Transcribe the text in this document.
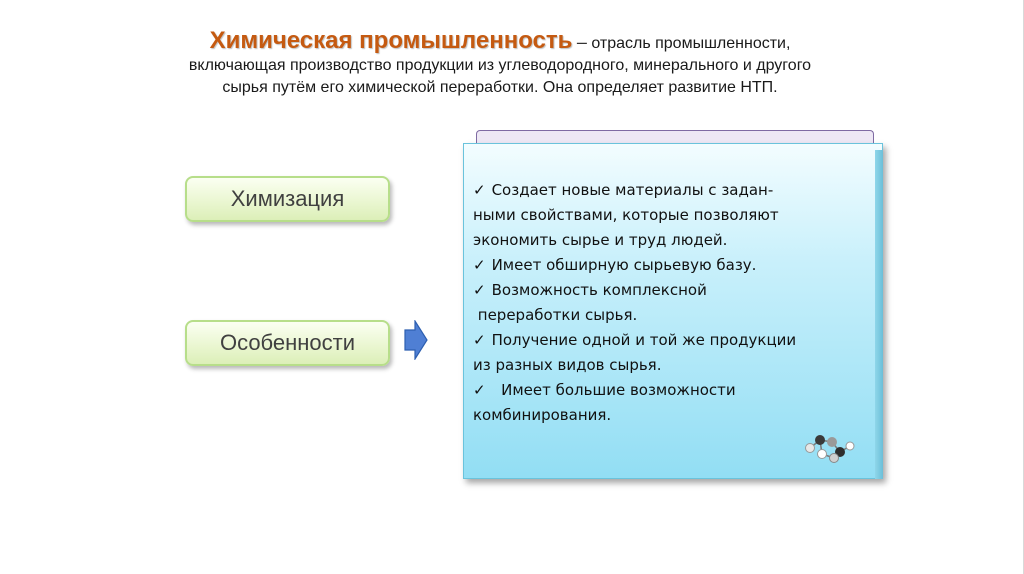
Химическая промышленность – отрасль промышленности,
включающая производство продукции из углеводородного, минерального и другого
сырья путём его химической переработки. Она определяет развитие НТП.
Химизация
Особенности
✓ Создает новые материалы с задан-
ными свойствами, которые позволяют
экономить сырье и труд людей.
✓ Имеет обширную сырьевую базу.
✓ Возможность комплексной
переработки сырья.
✓ Получение одной и той же продукции
из разных видов сырья.
✓  Имеет большие возможности
комбинирования.
